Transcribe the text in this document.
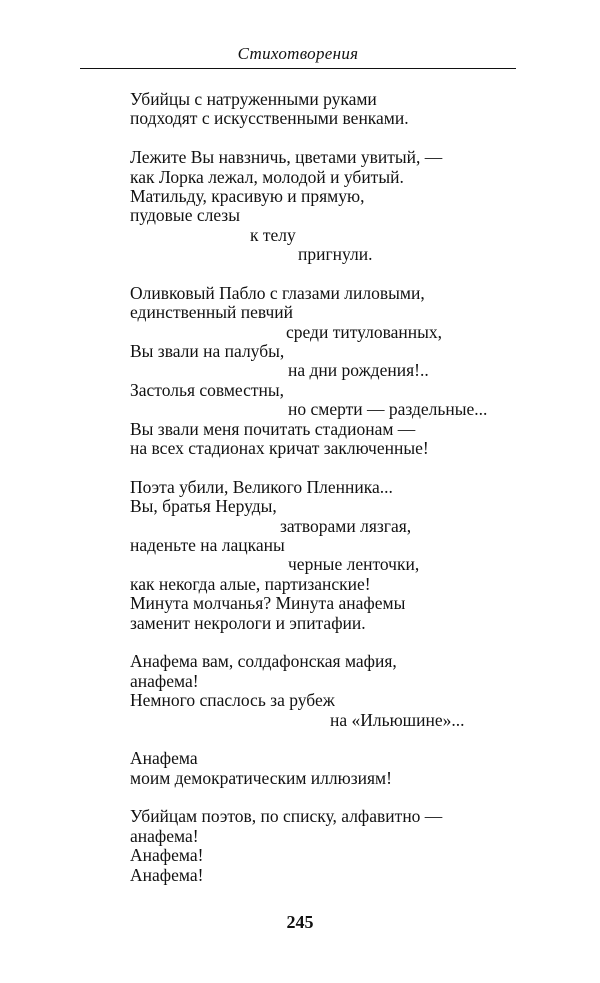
Стихотворения
Убийцы с натруженными руками
подходят с искусственными венками.
Лежите Вы навзничь, цветами увитый, —
как Лорка лежал, молодой и убитый.
Матильду, красивую и прямую,
пудовые слезы
к телу
пригнули.
Оливковый Пабло с глазами лиловыми,
единственный певчий
среди титулованных,
Вы звали на палубы,
на дни рождения!..
Застолья совместны,
но смерти — раздельные...
Вы звали меня почитать стадионам —
на всех стадионах кричат заключенные!
Поэта убили, Великого Пленника...
Вы, братья Неруды,
затворами лязгая,
наденьте на лацканы
черные ленточки,
как некогда алые, партизанские!
Минута молчанья? Минута анафемы
заменит некрологи и эпитафии.
Анафема вам, солдафонская мафия,
анафема!
Немного спаслось за рубеж
на «Ильюшине»...
Анафема
моим демократическим иллюзиям!
Убийцам поэтов, по списку, алфавитно —
анафема!
Анафема!
Анафема!
245
